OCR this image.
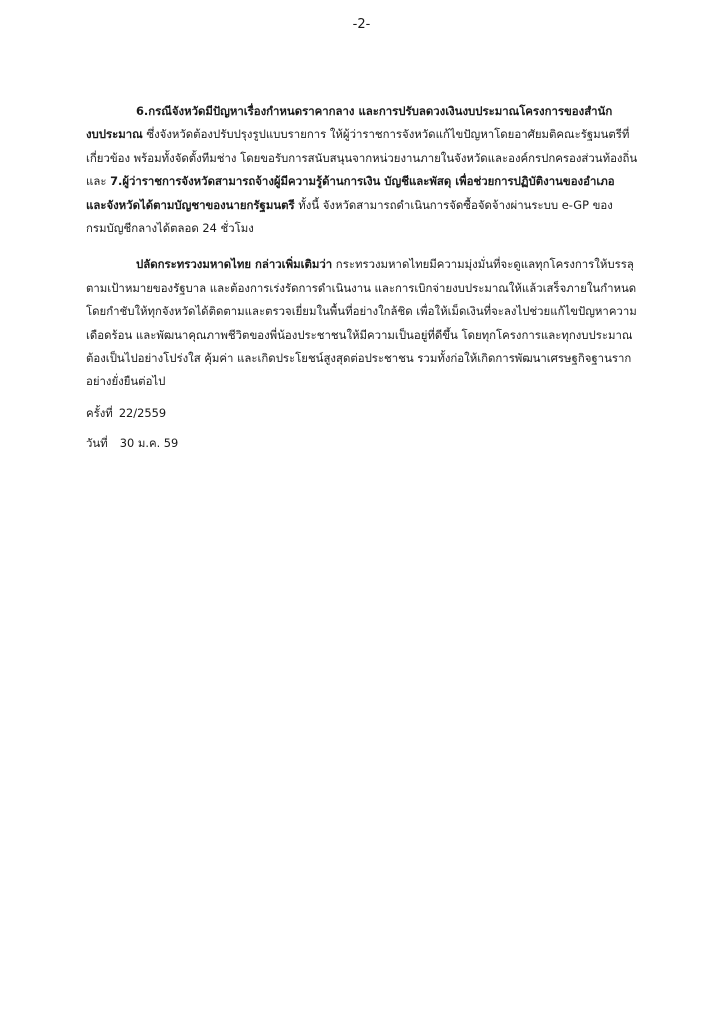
-2-
6.กรณีจังหวัดมีปัญหาเรื่องกำหนดราคากลาง และการปรับลดวงเงินงบประมาณโครงการของสำนัก
งบประมาณ ซึ่งจังหวัดต้องปรับปรุงรูปแบบรายการ ให้ผู้ว่าราชการจังหวัดแก้ไขปัญหาโดยอาศัยมติคณะรัฐมนตรีที่
เกี่ยวข้อง พร้อมทั้งจัดตั้งทีมช่าง โดยขอรับการสนับสนุนจากหน่วยงานภายในจังหวัดและองค์กรปกครองส่วนท้องถิ่น
และ 7.ผู้ว่าราชการจังหวัดสามารถจ้างผู้มีความรู้ด้านการเงิน บัญชีและพัสดุ เพื่อช่วยการปฏิบัติงานของอำเภอ
และจังหวัดได้ตามบัญชาของนายกรัฐมนตรี ทั้งนี้ จังหวัดสามารถดำเนินการจัดซื้อจัดจ้างผ่านระบบ e-GP ของ
กรมบัญชีกลางได้ตลอด 24 ชั่วโมง
ปลัดกระทรวงมหาดไทย กล่าวเพิ่มเติมว่า กระทรวงมหาดไทยมีความมุ่งมั่นที่จะดูแลทุกโครงการให้บรรลุ
ตามเป้าหมายของรัฐบาล และต้องการเร่งรัดการดำเนินงาน และการเบิกจ่ายงบประมาณให้แล้วเสร็จภายในกำหนด
โดยกำชับให้ทุกจังหวัดได้ติดตามและตรวจเยี่ยมในพื้นที่อย่างใกล้ชิด เพื่อให้เม็ดเงินที่จะลงไปช่วยแก้ไขปัญหาความ
เดือดร้อน และพัฒนาคุณภาพชีวิตของพี่น้องประชาชนให้มีความเป็นอยู่ที่ดีขึ้น โดยทุกโครงการและทุกงบประมาณ
ต้องเป็นไปอย่างโปร่งใส คุ้มค่า และเกิดประโยชน์สูงสุดต่อประชาชน รวมทั้งก่อให้เกิดการพัฒนาเศรษฐกิจฐานราก
อย่างยั่งยืนต่อไป
ครั้งที่ 22/2559
วันที่ 30 ม.ค. 59
